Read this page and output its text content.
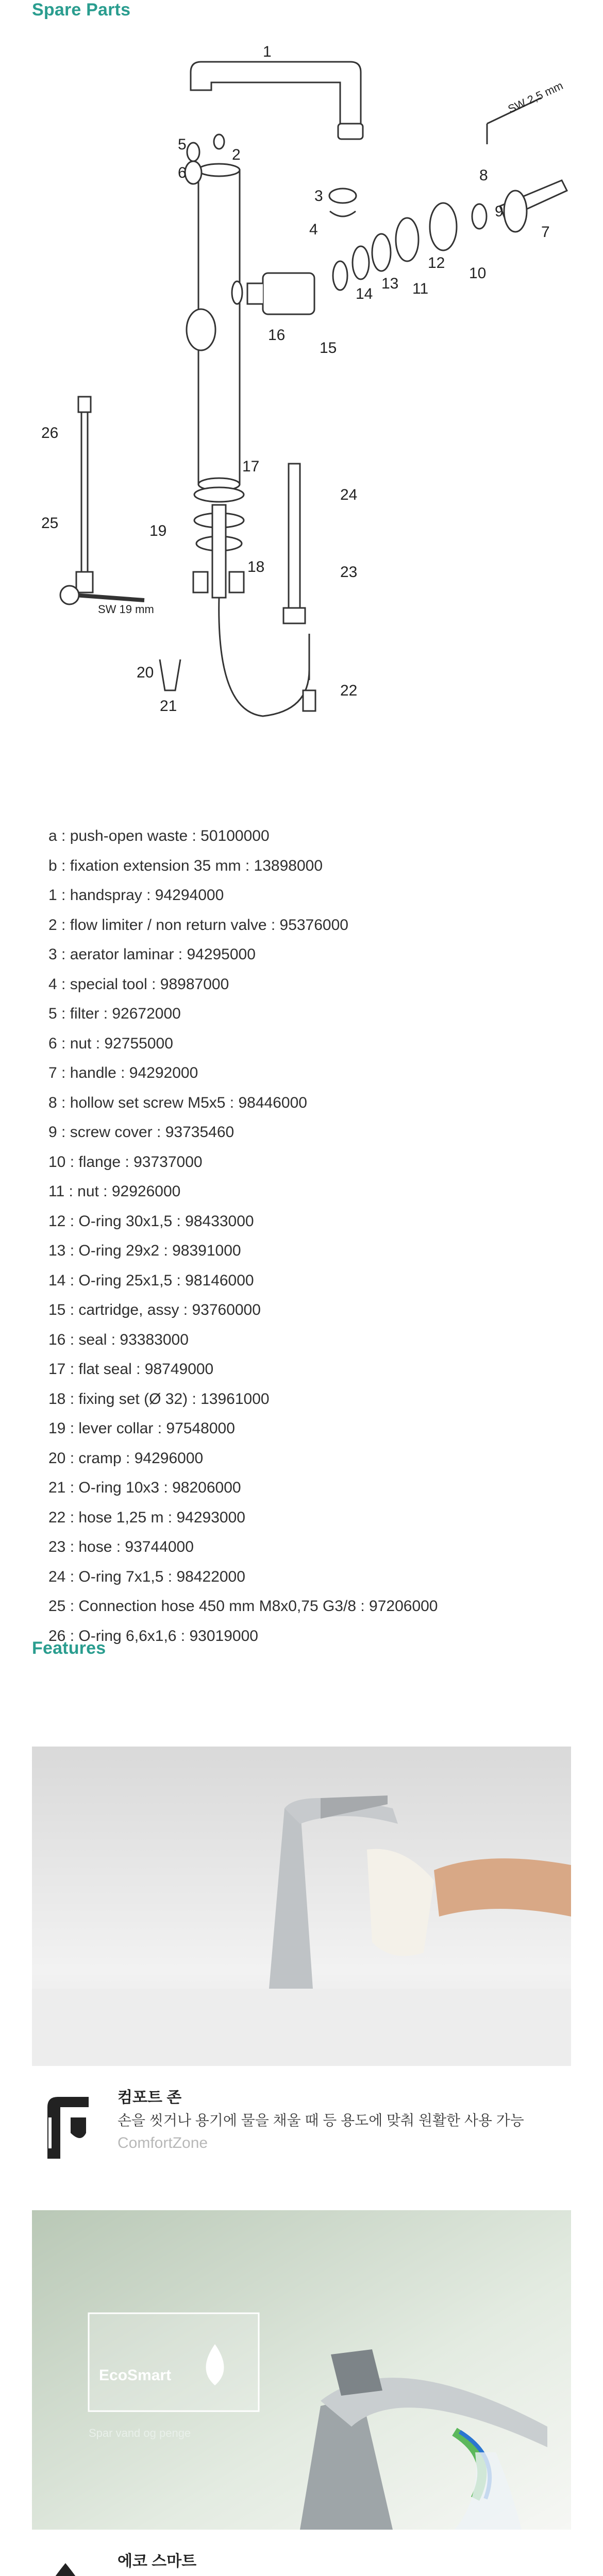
Spare Parts
1
2
5
6
3
4
8
7
9
10
11
12
13
14
16
15
17
24
26
25	19
18	23
20
21
22
SW 19 mm
SW 2,5 mm
a : push-open waste : 50100000
b : fixation extension 35 mm : 13898000
1 : handspray : 94294000
2 : flow limiter / non return valve : 95376000
3 : aerator laminar : 94295000
4 : special tool : 98987000
5 : filter : 92672000
6 : nut : 92755000
7 : handle : 94292000
8 : hollow set screw M5x5 : 98446000
9 : screw cover : 93735460
10 : flange : 93737000
11 : nut : 92926000
12 : O-ring 30x1,5 : 98433000
13 : O-ring 29x2 : 98391000
14 : O-ring 25x1,5 : 98146000
15 : cartridge, assy : 93760000
16 : seal : 93383000
17 : flat seal : 98749000
18 : fixing set (Ø 32) : 13961000
19 : lever collar : 97548000
20 : cramp : 94296000
21 : O-ring 10x3 : 98206000
22 : hose 1,25 m : 94293000
23 : hose : 93744000
24 : O-ring 7x1,5 : 98422000
25 : Connection hose 450 mm M8x0,75 G3/8 : 97206000
26 : O-ring 6,6x1,6 : 93019000
Features
컴포트 존
손을 씻거나 용기에 물을 채울 때 등 용도에 맞춰 원활한 사용 가능
ComfortZone
EcoSmart
Spar vand og penge
에코 스마트
